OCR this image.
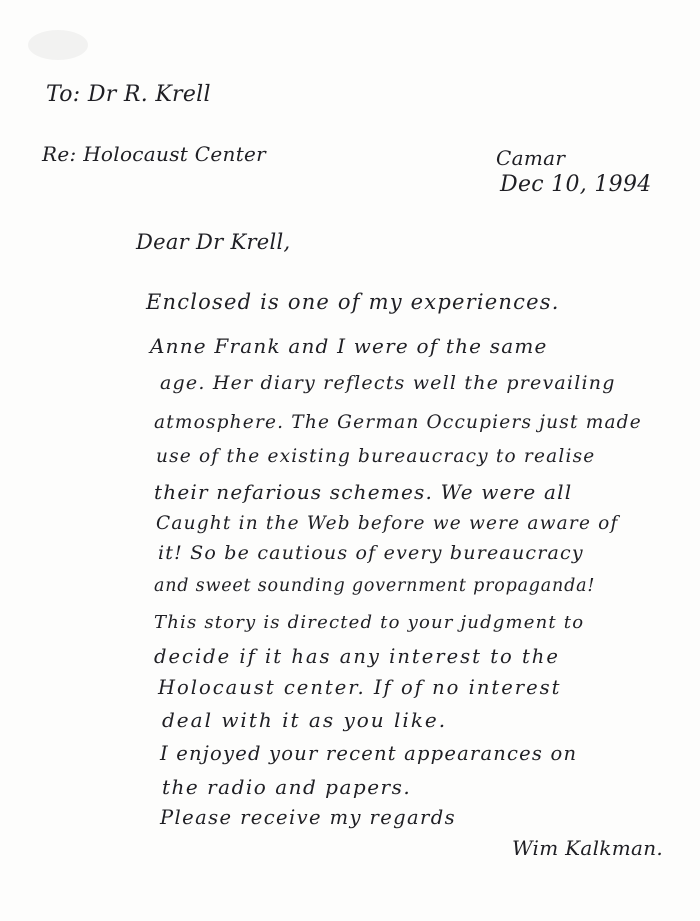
To: Dr R. Krell
Re: Holocaust Center	Camar
Dec 10, 1994
Dear Dr Krell,
Enclosed is one of my experiences.
Anne Frank and I were of the same
age. Her diary reflects well the prevailing
atmosphere. The German Occupiers just made
use of the existing bureaucracy to realise
their nefarious schemes. We were all
Caught in the Web before we were aware of
it! So be cautious of every bureaucracy
and sweet sounding government propaganda!
This story is directed to your judgment to
decide if it has any interest to the
Holocaust center. If of no interest
deal with it as you like.
I enjoyed your recent appearances on
the radio and papers.
Please receive my regards
Wim Kalkman.
